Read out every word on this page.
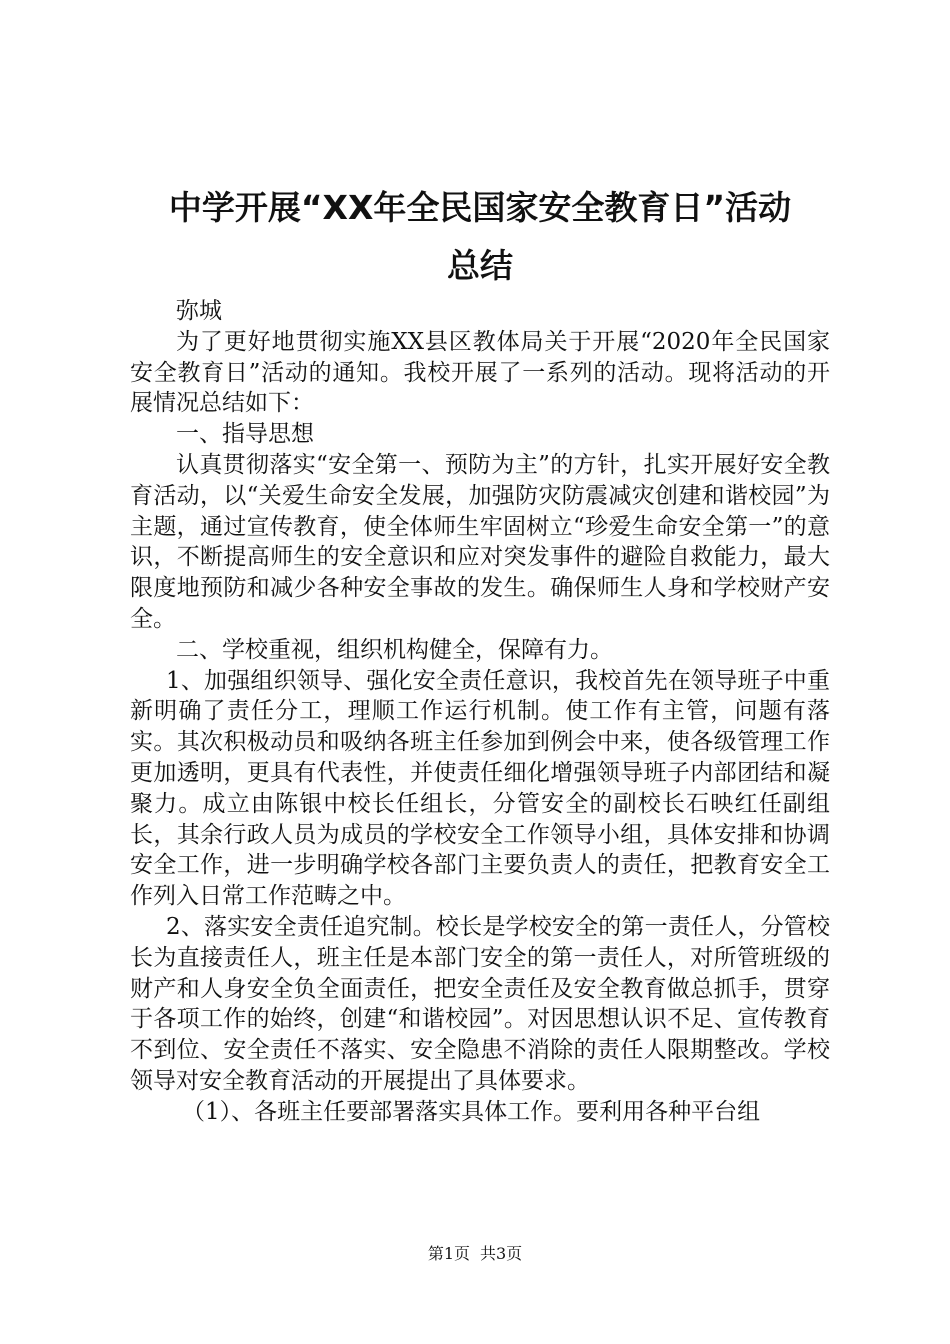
中学开展“XX年全民国家安全教育日”活动
总结

弥城

为了更好地贯彻实施XX县区教体局关于开展“2020年全民国家安全教育日”活动的通知。我校开展了一系列的活动。现将活动的开展情况总结如下：

一、指导思想

认真贯彻落实“安全第一、预防为主”的方针，扎实开展好安全教育活动，以“关爱生命安全发展，加强防灾防震减灾创建和谐校园”为主题，通过宣传教育，使全体师生牢固树立“珍爱生命安全第一”的意识，不断提高师生的安全意识和应对突发事件的避险自救能力，最大限度地预防和减少各种安全事故的发生。确保师生人身和学校财产安全。

二、学校重视，组织机构健全，保障有力。

1、加强组织领导、强化安全责任意识，我校首先在领导班子中重新明确了责任分工，理顺工作运行机制。使工作有主管，问题有落实。其次积极动员和吸纳各班主任参加到例会中来，使各级管理工作更加透明，更具有代表性，并使责任细化增强领导班子内部团结和凝聚力。成立由陈银中校长任组长，分管安全的副校长石映红任副组长，其余行政人员为成员的学校安全工作领导小组，具体安排和协调安全工作，进一步明确学校各部门主要负责人的责任，把教育安全工作列入日常工作范畴之中。

2、落实安全责任追究制。校长是学校安全的第一责任人，分管校长为直接责任人，班主任是本部门安全的第一责任人，对所管班级的财产和人身安全负全面责任，把安全责任及安全教育做总抓手，贯穿于各项工作的始终，创建“和谐校园”。对因思想认识不足、宣传教育不到位、安全责任不落实、安全隐患不消除的责任人限期整改。学校领导对安全教育活动的开展提出了具体要求。

（1）、各班主任要部署落实具体工作。要利用各种平台组

第1页 共3页
